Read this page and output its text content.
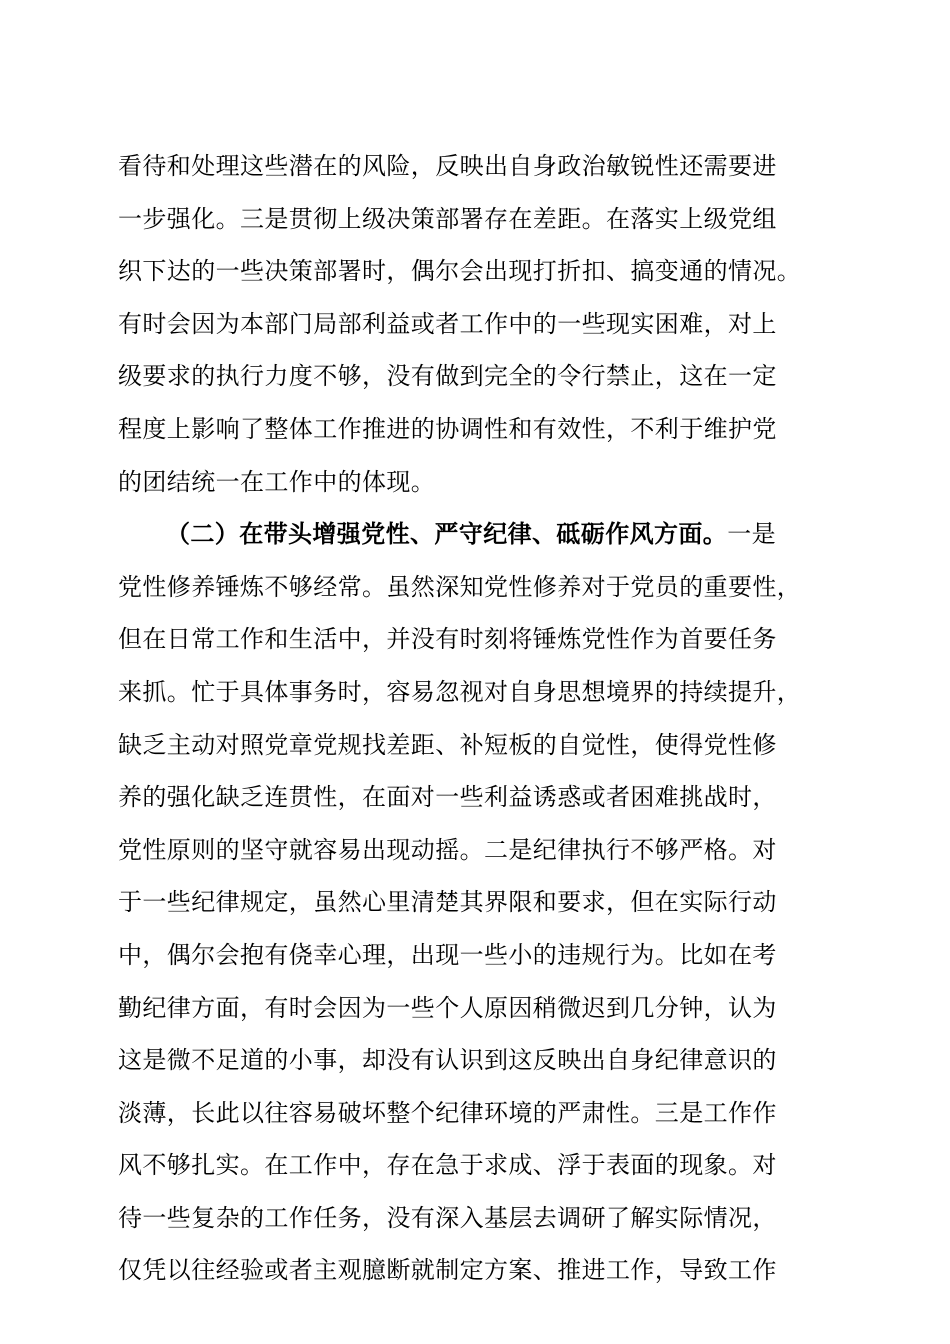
看待和处理这些潜在的风险，反映出自身政治敏锐性还需要进
一步强化。三是贯彻上级决策部署存在差距。在落实上级党组
织下达的一些决策部署时，偶尔会出现打折扣、搞变通的情况。
有时会因为本部门局部利益或者工作中的一些现实困难，对上
级要求的执行力度不够，没有做到完全的令行禁止，这在一定
程度上影响了整体工作推进的协调性和有效性，不利于维护党
的团结统一在工作中的体现。
（二）在带头增强党性、严守纪律、砥砺作风方面。一是
党性修养锤炼不够经常。虽然深知党性修养对于党员的重要性，
但在日常工作和生活中，并没有时刻将锤炼党性作为首要任务
来抓。忙于具体事务时，容易忽视对自身思想境界的持续提升，
缺乏主动对照党章党规找差距、补短板的自觉性，使得党性修
养的强化缺乏连贯性，在面对一些利益诱惑或者困难挑战时，
党性原则的坚守就容易出现动摇。二是纪律执行不够严格。对
于一些纪律规定，虽然心里清楚其界限和要求，但在实际行动
中，偶尔会抱有侥幸心理，出现一些小的违规行为。比如在考
勤纪律方面，有时会因为一些个人原因稍微迟到几分钟，认为
这是微不足道的小事，却没有认识到这反映出自身纪律意识的
淡薄，长此以往容易破坏整个纪律环境的严肃性。三是工作作
风不够扎实。在工作中，存在急于求成、浮于表面的现象。对
待一些复杂的工作任务，没有深入基层去调研了解实际情况，
仅凭以往经验或者主观臆断就制定方案、推进工作，导致工作
